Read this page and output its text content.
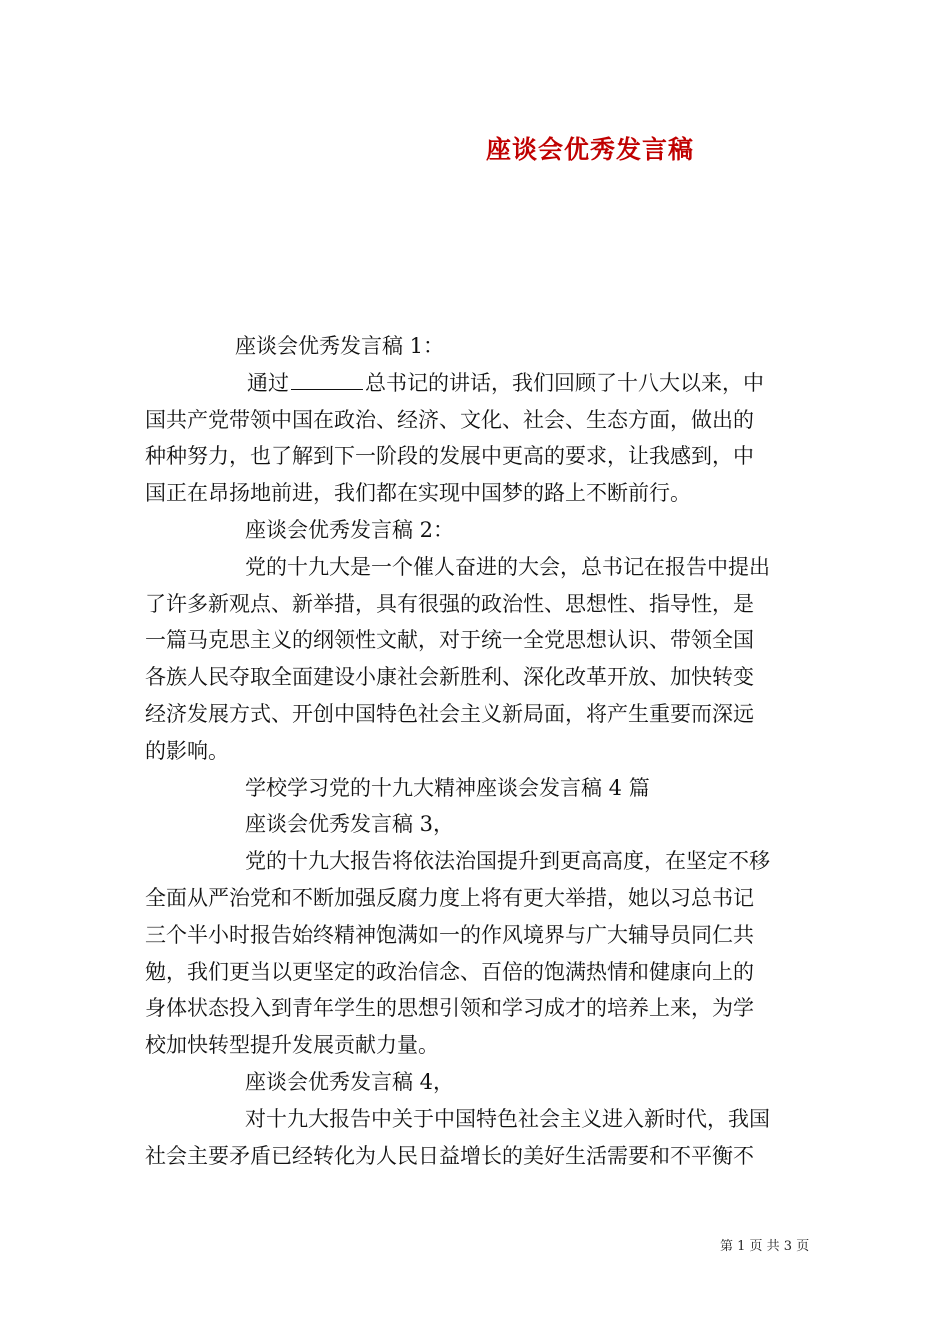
座谈会优秀发言稿
座谈会优秀发言稿 1：
通过	总书记的讲话，我们回顾了十八大以来，中
国共产党带领中国在政治、经济、文化、社会、生态方面，做出的
种种努力，也了解到下一阶段的发展中更高的要求，让我感到，中
国正在昂扬地前进，我们都在实现中国梦的路上不断前行。
座谈会优秀发言稿 2：
党的十九大是一个催人奋进的大会，总书记在报告中提出
了许多新观点、新举措，具有很强的政治性、思想性、指导性，是
一篇马克思主义的纲领性文献，对于统一全党思想认识、带领全国
各族人民夺取全面建设小康社会新胜利、深化改革开放、加快转变
经济发展方式、开创中国特色社会主义新局面，将产生重要而深远
的影响。
学校学习党的十九大精神座谈会发言稿 4 篇
座谈会优秀发言稿 3，
党的十九大报告将依法治国提升到更高高度，在坚定不移
全面从严治党和不断加强反腐力度上将有更大举措，她以习总书记
三个半小时报告始终精神饱满如一的作风境界与广大辅导员同仁共
勉，我们更当以更坚定的政治信念、百倍的饱满热情和健康向上的
身体状态投入到青年学生的思想引领和学习成才的培养上来，为学
校加快转型提升发展贡献力量。
座谈会优秀发言稿 4，
对十九大报告中关于中国特色社会主义进入新时代，我国
社会主要矛盾已经转化为人民日益增长的美好生活需要和不平衡不
第 1 页 共 3 页
